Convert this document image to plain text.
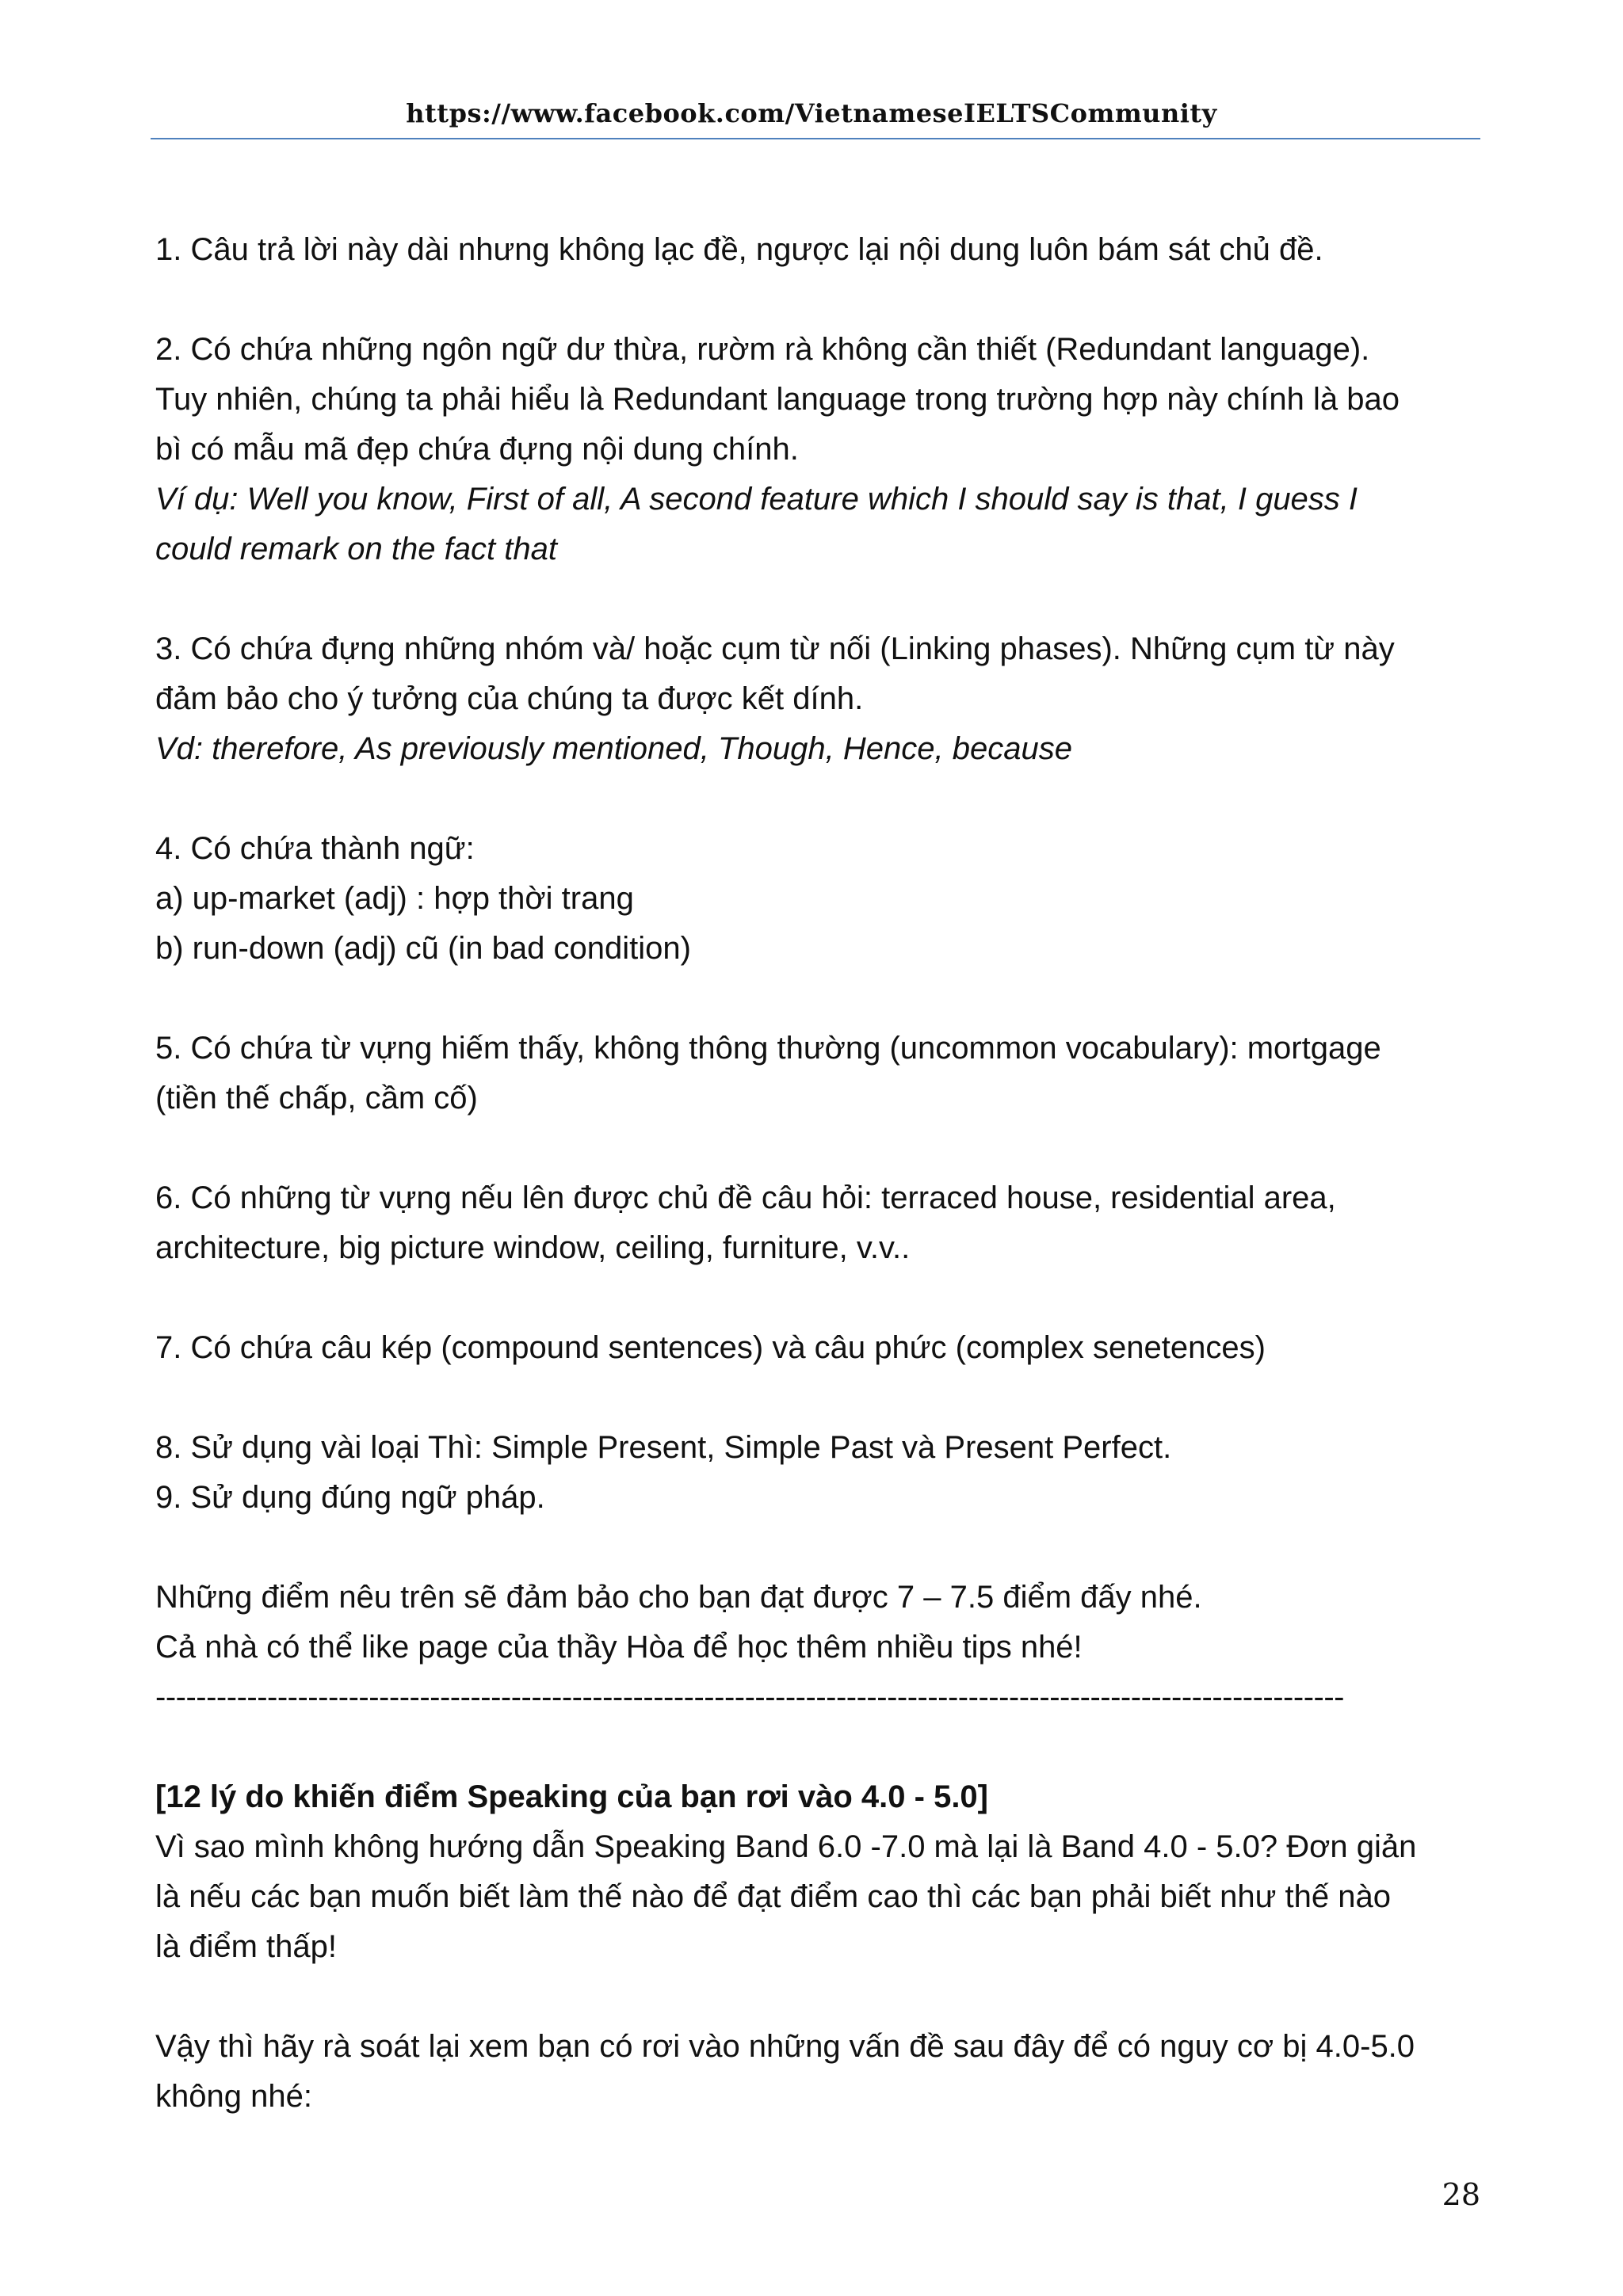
https://www.facebook.com/VietnameseIELTSCommunity

1. Câu trả lời này dài nhưng không lạc đề, ngược lại nội dung luôn bám sát chủ đề.

2. Có chứa những ngôn ngữ dư thừa, rườm rà không cần thiết (Redundant language).

Tuy nhiên, chúng ta phải hiểu là Redundant language trong trường hợp này chính là bao

bì có mẫu mã đẹp chứa đựng nội dung chính.

Ví dụ: Well you know, First of all, A second feature which I should say is that, I guess I

could remark on the fact that

3. Có chứa đựng những nhóm và/ hoặc cụm từ nối (Linking phases). Những cụm từ này

đảm bảo cho ý tưởng của chúng ta được kết dính.

Vd: therefore, As previously mentioned, Though, Hence, because

4. Có chứa thành ngữ:

a) up-market (adj) : hợp thời trang

b) run-down (adj) cũ (in bad condition)

5. Có chứa từ vựng hiếm thấy, không thông thường (uncommon vocabulary): mortgage

(tiền thế chấp, cầm cố)

6. Có những từ vựng nếu lên được chủ đề câu hỏi: terraced house, residential area,

architecture, big picture window, ceiling, furniture, v.v..

7. Có chứa câu kép (compound sentences) và câu phức (complex senetences)

8. Sử dụng vài loại Thì: Simple Present, Simple Past và Present Perfect.

9. Sử dụng đúng ngữ pháp.

Những điểm nêu trên sẽ đảm bảo cho bạn đạt được 7 – 7.5 điểm đấy nhé.

Cả nhà có thể like page của thầy Hòa để học thêm nhiều tips nhé!

---------------------------------------------------------------------------------------------------------------------

[12 lý do khiến điểm Speaking của bạn rơi vào 4.0 - 5.0]

Vì sao mình không hướng dẫn Speaking Band 6.0 -7.0 mà lại là Band 4.0 - 5.0? Đơn giản

là nếu các bạn muốn biết làm thế nào để đạt điểm cao thì các bạn phải biết như thế nào

là điểm thấp!

Vậy thì hãy rà soát lại xem bạn có rơi vào những vấn đề sau đây để có nguy cơ bị 4.0-5.0

không nhé:

28
